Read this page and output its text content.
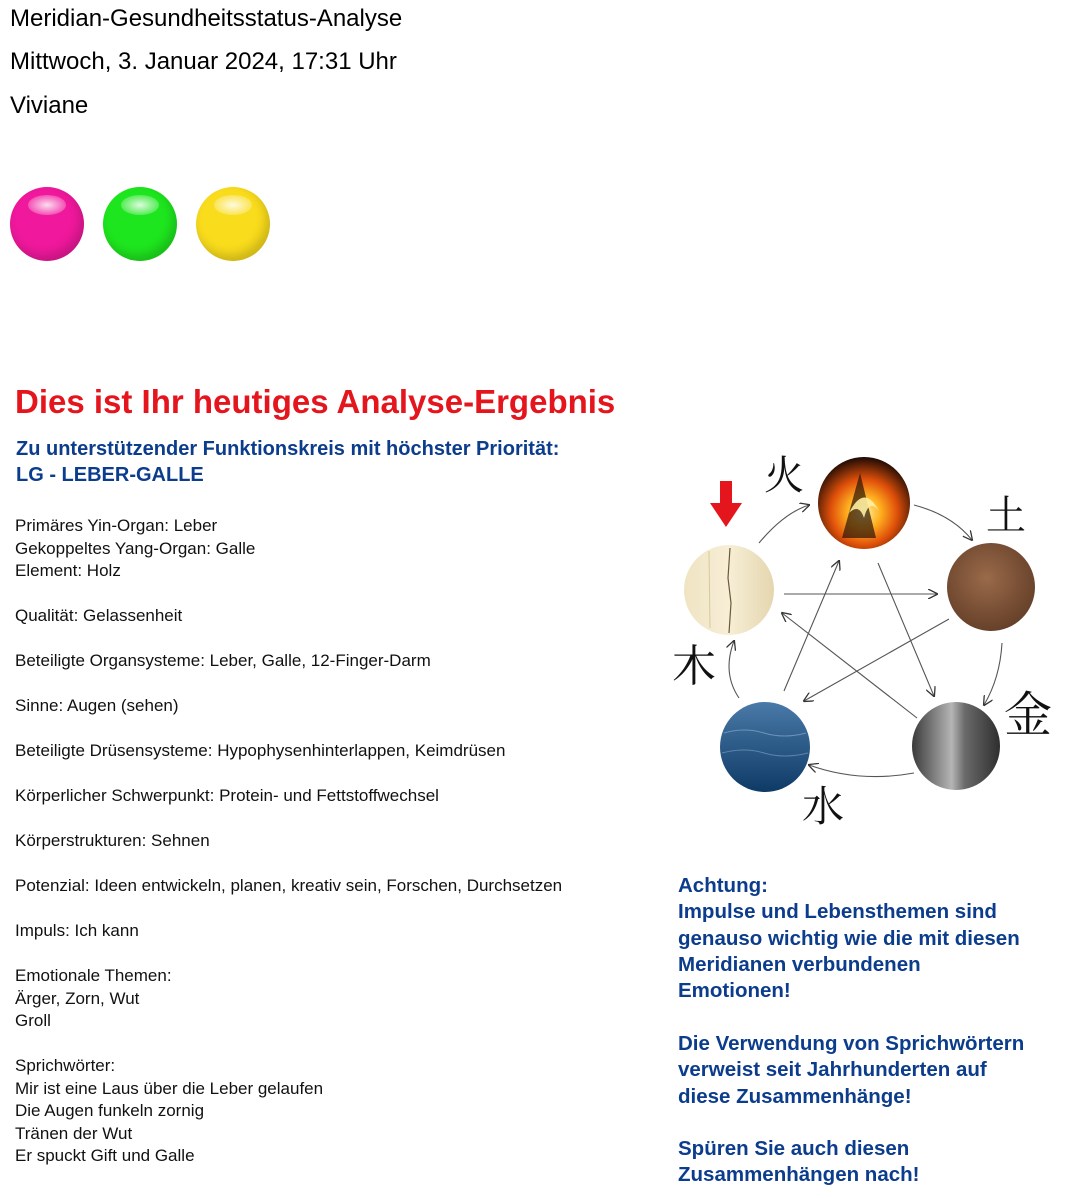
Meridian-Gesundheitsstatus-Analyse
Mittwoch, 3. Januar 2024, 17:31 Uhr
Viviane
Dies ist Ihr heutiges Analyse-Ergebnis
Zu unterstützender Funktionskreis mit höchster Priorität:
LG - LEBER-GALLE
Primäres Yin-Organ: Leber
Gekoppeltes Yang-Organ: Galle
Element: Holz
Qualität: Gelassenheit
Beteiligte Organsysteme: Leber, Galle, 12-Finger-Darm
Sinne: Augen (sehen)
Beteiligte Drüsensysteme: Hypophysenhinterlappen, Keimdrüsen
Körperlicher Schwerpunkt: Protein- und Fettstoffwechsel
Körperstrukturen: Sehnen
Potenzial: Ideen entwickeln, planen, kreativ sein, Forschen, Durchsetzen
Impuls: Ich kann
Emotionale Themen:
Ärger, Zorn, Wut
Groll
Sprichwörter:
Mir ist eine Laus über die Leber gelaufen
Die Augen funkeln zornig
Tränen der Wut
Er spuckt Gift und Galle
火
土
金
水
木
Achtung:
Impulse und Lebensthemen sind
genauso wichtig wie die mit diesen
Meridianen verbundenen
Emotionen!
Die Verwendung von Sprichwörtern
verweist seit Jahrhunderten auf
diese Zusammenhänge!
Spüren Sie auch diesen
Zusammenhängen nach!
